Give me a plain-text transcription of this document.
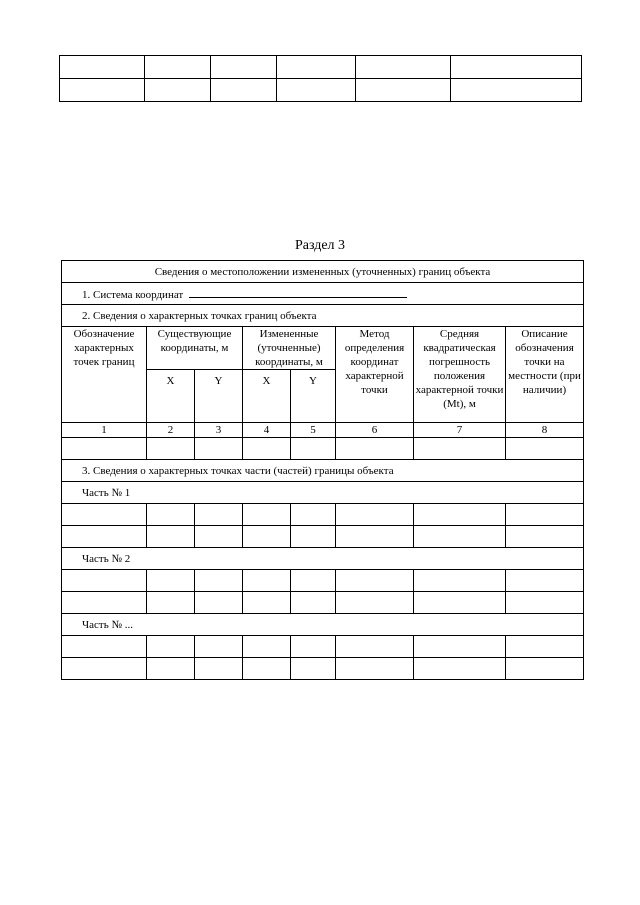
Раздел 3
Сведения о местоположении измененных (уточненных) границ объекта							
1. Система координат							
2. Сведения о характерных точках границ объекта							
Обозначение характерных точек границ	Существующие координаты, м		Измененные (уточненные) координаты, м		Метод определения координат характерной точки	Средняя квадратическая погрешность положения характерной точки (Mt), м	Описание обозначения точки на местности (при наличии)
	X	Y	X	Y			
1	2	3	4	5	6	7	8

3. Сведения о характерных точках части (частей) границы объекта							
Часть № 1							

Часть № 2							

Часть № ...							
